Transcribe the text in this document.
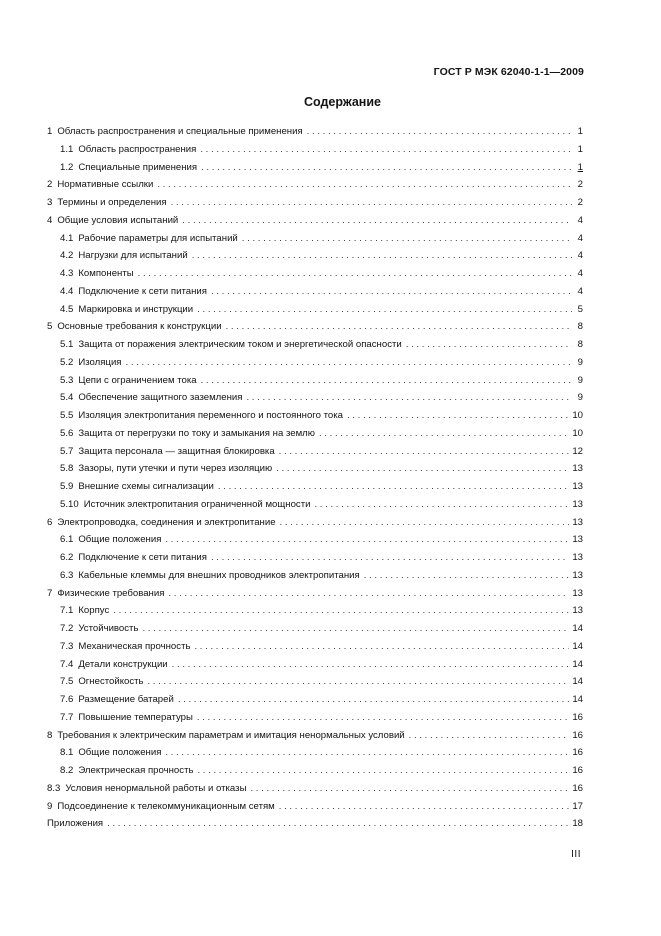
ГОСТ Р МЭК 62040-1-1—2009
Содержание
1 Область распространения и специальные применения . . .	1
1.1 Область распространения . . .	1
1.2 Специальные применения . . .	1
2 Нормативные ссылки . . .	2
3 Термины и определения . . .	2
4 Общие условия испытаний . . .	4
4.1 Рабочие параметры для испытаний . . .	4
4.2 Нагрузки для испытаний . . .	4
4.3 Компоненты . . .	4
4.4 Подключение к сети питания . . .	4
4.5 Маркировка и инструкции . . .	5
5 Основные требования к конструкции . . .	8
5.1 Защита от поражения электрическим током и энергетической опасности . . .	8
5.2 Изоляция . . .	9
5.3 Цепи с ограничением тока . . .	9
5.4 Обеспечение защитного заземления . . .	9
5.5 Изоляция электропитания переменного и постоянного тока . . .	10
5.6 Защита от перегрузки по току и замыкания на землю . . .	10
5.7 Защита персонала — защитная блокировка . . .	12
5.8 Зазоры, пути утечки и пути через изоляцию . . .	13
5.9 Внешние схемы сигнализации . . .	13
5.10 Источник электропитания ограниченной мощности . . .	13
6 Электропроводка, соединения и электропитание . . .	13
6.1 Общие положения . . .	13
6.2 Подключение к сети питания . . .	13
6.3 Кабельные клеммы для внешних проводников электропитания . . .	13
7 Физические требования . . .	13
7.1 Корпус . . .	13
7.2 Устойчивость . . .	14
7.3 Механическая прочность . . .	14
7.4 Детали конструкции . . .	14
7.5 Огнестойкость . . .	14
7.6 Размещение батарей . . .	14
7.7 Повышение температуры . . .	16
8 Требования к электрическим параметрам и имитация ненормальных условий . . .	16
8.1 Общие положения . . .	16
8.2 Электрическая прочность . . .	16
8.3 Условия ненормальной работы и отказы . . .	16
9 Подсоединение к телекоммуникационным сетям . . .	17
Приложения . . .	18
III
